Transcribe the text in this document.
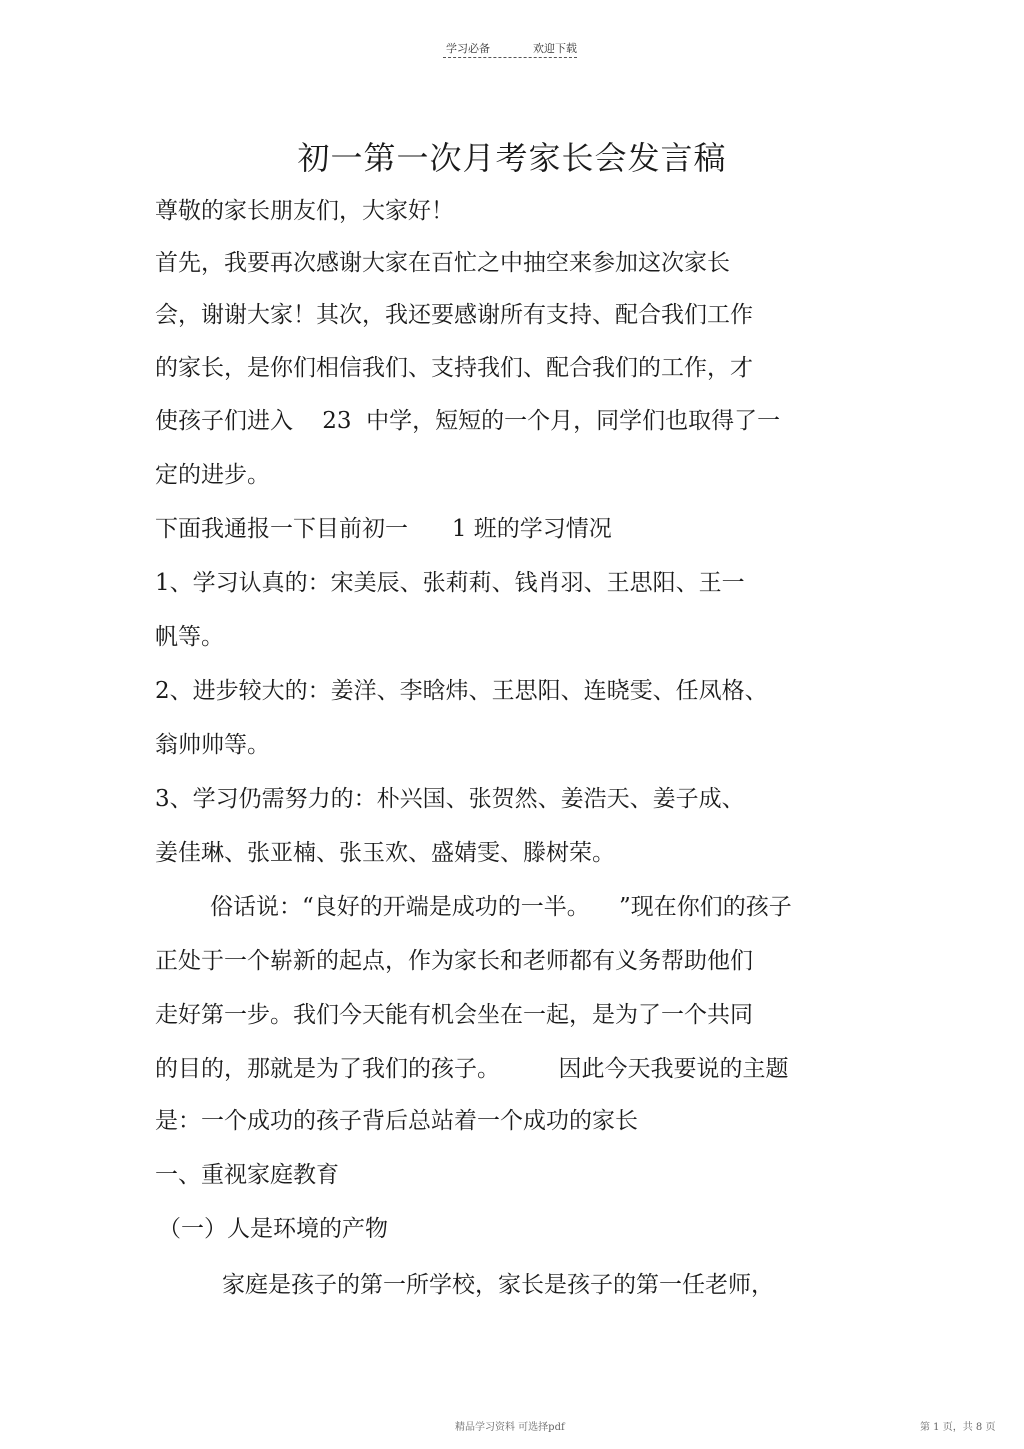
学习必备	欢迎下载
初一第一次月考家长会发言稿
尊敬的家长朋友们，大家好！
首先，我要再次感谢大家在百忙之中抽空来参加这次家长
会，谢谢大家！其次，我还要感谢所有支持、配合我们工作
的家长，是你们相信我们、支持我们、配合我们的工作，才
使孩子们进入    23  中学，短短的一个月，同学们也取得了一
定的进步。
下面我通报一下目前初一      1 班的学习情况
1、学习认真的：宋美辰、张莉莉、钱肖羽、王思阳、王一
帆等。
2、进步较大的：姜洋、李晗炜、王思阳、连晓雯、任凤格、
翁帅帅等。
3、学习仍需努力的：朴兴国、张贺然、姜浩天、姜子成、
姜佳琳、张亚楠、张玉欢、盛婧雯、滕树荣。
俗话说：“良好的开端是成功的一半。    ”现在你们的孩子
正处于一个崭新的起点，作为家长和老师都有义务帮助他们
走好第一步。我们今天能有机会坐在一起，是为了一个共同
的目的，那就是为了我们的孩子。        因此今天我要说的主题
是：一个成功的孩子背后总站着一个成功的家长
一、重视家庭教育
（一）人是环境的产物
家庭是孩子的第一所学校，家长是孩子的第一任老师，
精品学习资料 可选择pdf	第 1 页，共 8 页
